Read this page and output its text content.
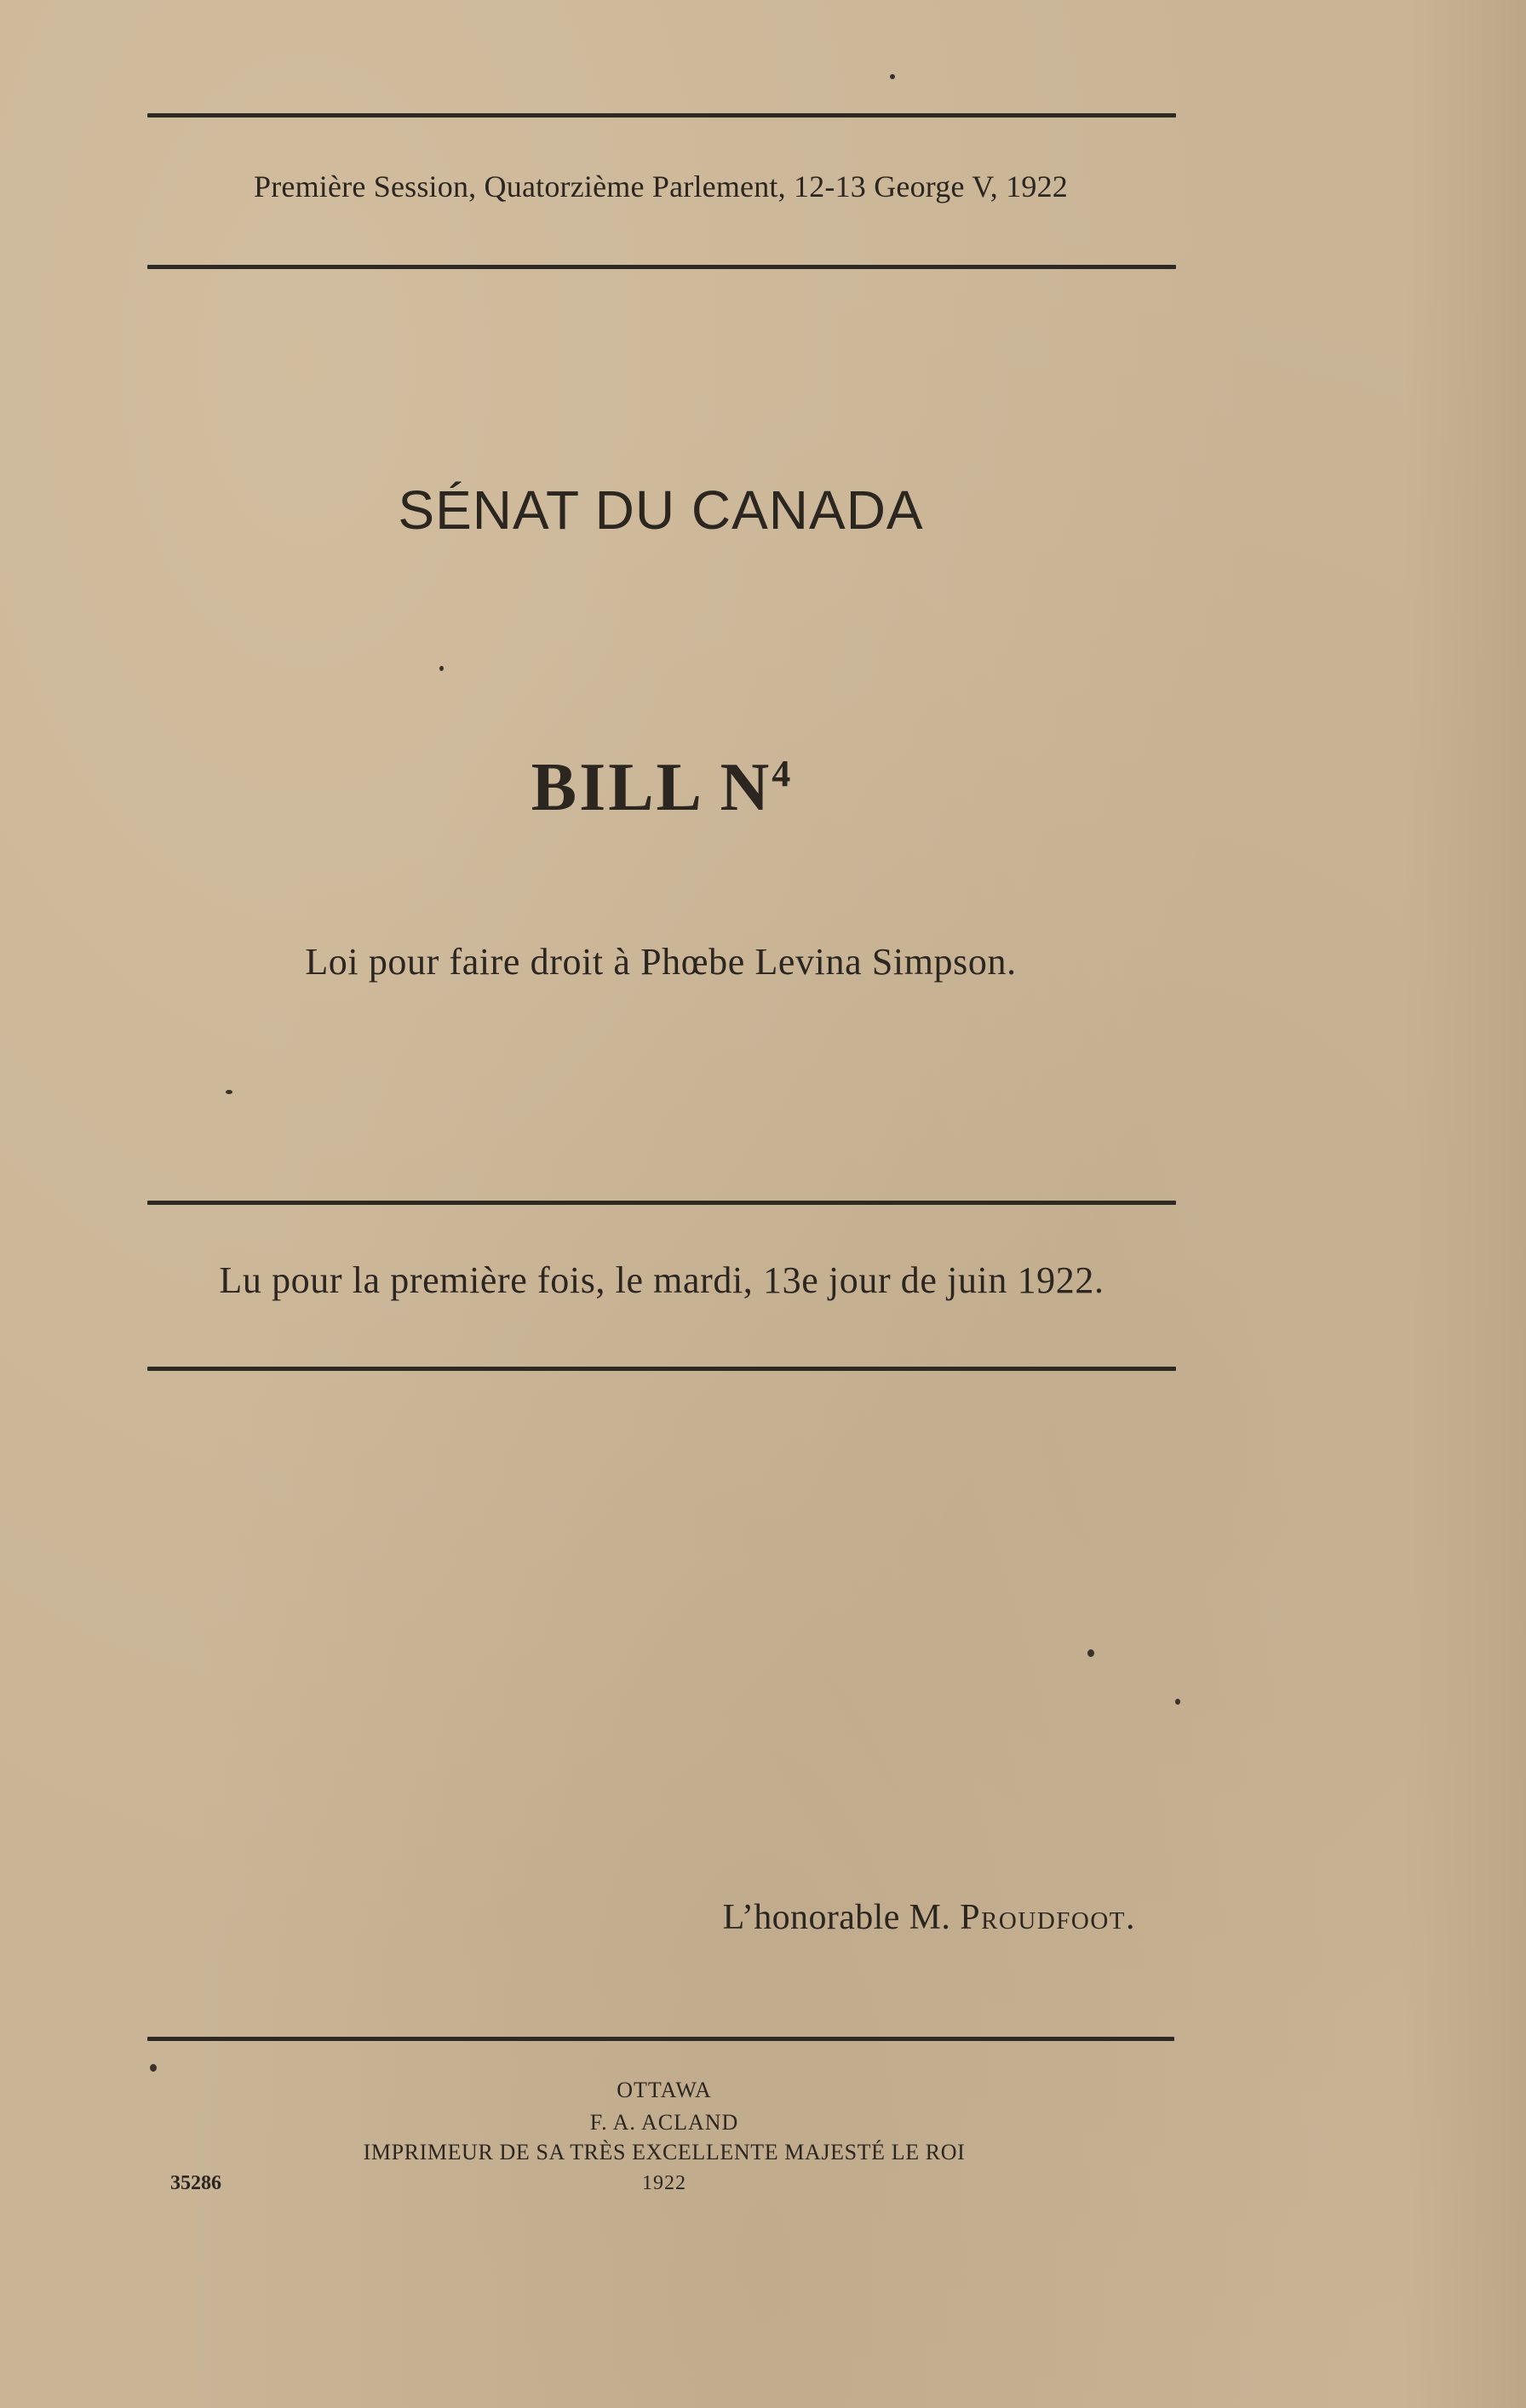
Première Session, Quatorzième Parlement, 12-13 George V, 1922
SÉNAT DU CANADA
BILL $N^4$
Loi pour faire droit à Phœbe Levina Simpson.
Lu pour la première fois, le mardi, 13e jour de juin 1922.
L’honorable M. Proudfoot.
OTTAWA
F. A. ACLAND
IMPRIMEUR DE SA TRÈS EXCELLENTE MAJESTÉ LE ROI
1922
35286
